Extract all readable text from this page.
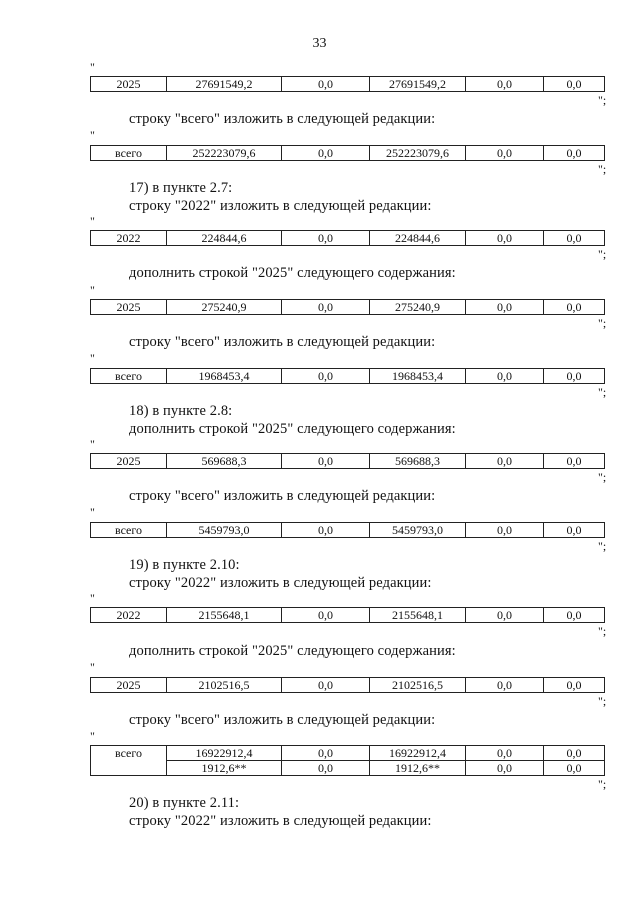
33
"
2025	27691549,2	0,0	27691549,2	0,0	0,0
";
строку "всего" изложить в следующей редакции:
"
всего	252223079,6	0,0	252223079,6	0,0	0,0
";
17) в пункте 2.7:
строку "2022" изложить в следующей редакции:
"
2022	224844,6	0,0	224844,6	0,0	0,0
";
дополнить строкой "2025" следующего содержания:
"
2025	275240,9	0,0	275240,9	0,0	0,0
";
строку "всего" изложить в следующей редакции:
"
всего	1968453,4	0,0	1968453,4	0,0	0,0
";
18) в пункте 2.8:
дополнить строкой "2025" следующего содержания:
"
2025	569688,3	0,0	569688,3	0,0	0,0
";
строку "всего" изложить в следующей редакции:
"
всего	5459793,0	0,0	5459793,0	0,0	0,0
";
19) в пункте 2.10:
строку "2022" изложить в следующей редакции:
"
2022	2155648,1	0,0	2155648,1	0,0	0,0
";
дополнить строкой "2025" следующего содержания:
"
2025	2102516,5	0,0	2102516,5	0,0	0,0
";
строку "всего" изложить в следующей редакции:
"
всего	16922912,4	0,0	16922912,4	0,0	0,0
	1912,6**	0,0	1912,6**	0,0	0,0
";
20) в пункте 2.11:
строку "2022" изложить в следующей редакции:
